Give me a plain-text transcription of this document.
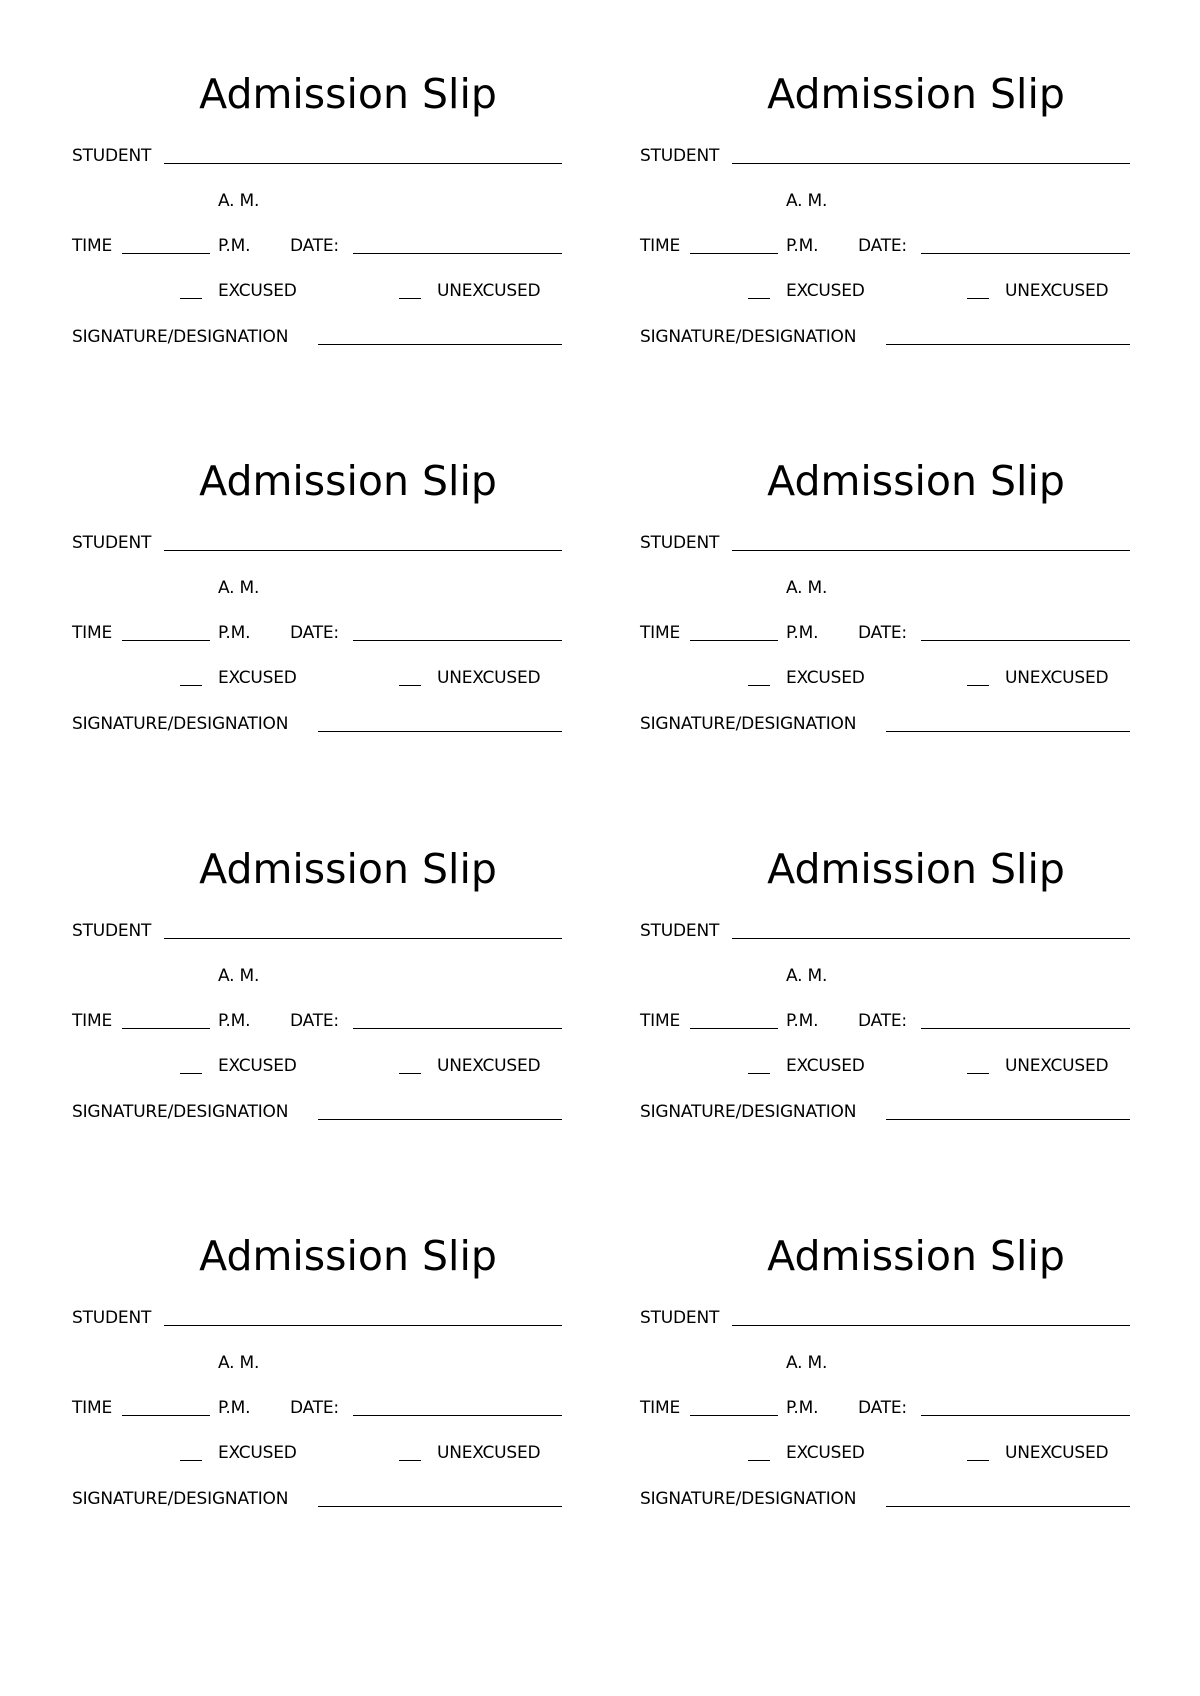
Admission Slip
STUDENT
A. M.
TIME	P.M. DATE:
EXCUSED	UNEXCUSED
SIGNATURE/DESIGNATION
Admission Slip
STUDENT
A. M.
TIME	P.M. DATE:
EXCUSED	UNEXCUSED
SIGNATURE/DESIGNATION
Admission Slip
STUDENT
A. M.
TIME	P.M. DATE:
EXCUSED	UNEXCUSED
SIGNATURE/DESIGNATION
Admission Slip
STUDENT
A. M.
TIME	P.M. DATE:
EXCUSED	UNEXCUSED
SIGNATURE/DESIGNATION
Admission Slip
STUDENT
A. M.
TIME	P.M. DATE:
EXCUSED	UNEXCUSED
SIGNATURE/DESIGNATION
Admission Slip
STUDENT
A. M.
TIME	P.M. DATE:
EXCUSED	UNEXCUSED
SIGNATURE/DESIGNATION
Admission Slip
STUDENT
A. M.
TIME	P.M. DATE:
EXCUSED	UNEXCUSED
SIGNATURE/DESIGNATION
Admission Slip
STUDENT
A. M.
TIME	P.M. DATE:
EXCUSED	UNEXCUSED
SIGNATURE/DESIGNATION
